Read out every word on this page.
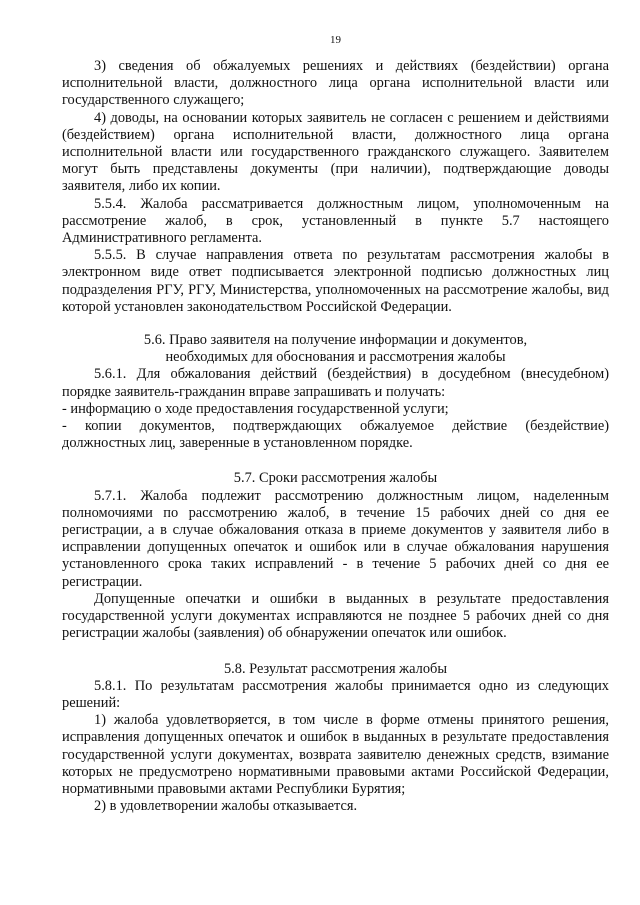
19

3) сведения об обжалуемых решениях и действиях (бездействии) органа исполнительной власти, должностного лица органа исполнительной власти или государственного служащего;

4) доводы, на основании которых заявитель не согласен с решением и действиями (бездействием) органа исполнительной власти, должностного лица органа исполнительной власти или государственного гражданского служащего. Заявителем могут быть представлены документы (при наличии), подтверждающие доводы заявителя, либо их копии.

5.5.4. Жалоба рассматривается должностным лицом, уполномоченным на рассмотрение жалоб, в срок, установленный в пункте 5.7 настоящего Административного регламента.

5.5.5. В случае направления ответа по результатам рассмотрения жалобы в электронном виде ответ подписывается электронной подписью должностных лиц подразделения РГУ, РГУ, Министерства, уполномоченных на рассмотрение жалобы, вид которой установлен законодательством Российской Федерации.

5.6. Право заявителя на получение информации и документов,

необходимых для обоснования и рассмотрения жалобы

5.6.1. Для обжалования действий (бездействия) в досудебном (внесудебном) порядке заявитель-гражданин вправе запрашивать и получать:

- информацию о ходе предоставления государственной услуги;

- копии документов, подтверждающих обжалуемое действие (бездействие) должностных лиц, заверенные в установленном порядке.

5.7. Сроки рассмотрения жалобы

5.7.1. Жалоба подлежит рассмотрению должностным лицом, наделенным полномочиями по рассмотрению жалоб, в течение 15 рабочих дней со дня ее регистрации, а в случае обжалования отказа в приеме документов у заявителя либо в исправлении допущенных опечаток и ошибок или в случае обжалования нарушения установленного срока таких исправлений - в течение 5 рабочих дней со дня ее регистрации.

Допущенные опечатки и ошибки в выданных в результате предоставления государственной услуги документах исправляются не позднее 5 рабочих дней со дня регистрации жалобы (заявления) об обнаружении опечаток или ошибок.

5.8. Результат рассмотрения жалобы

5.8.1. По результатам рассмотрения жалобы принимается одно из следующих решений:

1) жалоба удовлетворяется, в том числе в форме отмены принятого решения, исправления допущенных опечаток и ошибок в выданных в результате предоставления государственной услуги документах, возврата заявителю денежных средств, взимание которых не предусмотрено нормативными правовыми актами Российской Федерации, нормативными правовыми актами Республики Бурятия;

2) в удовлетворении жалобы отказывается.
